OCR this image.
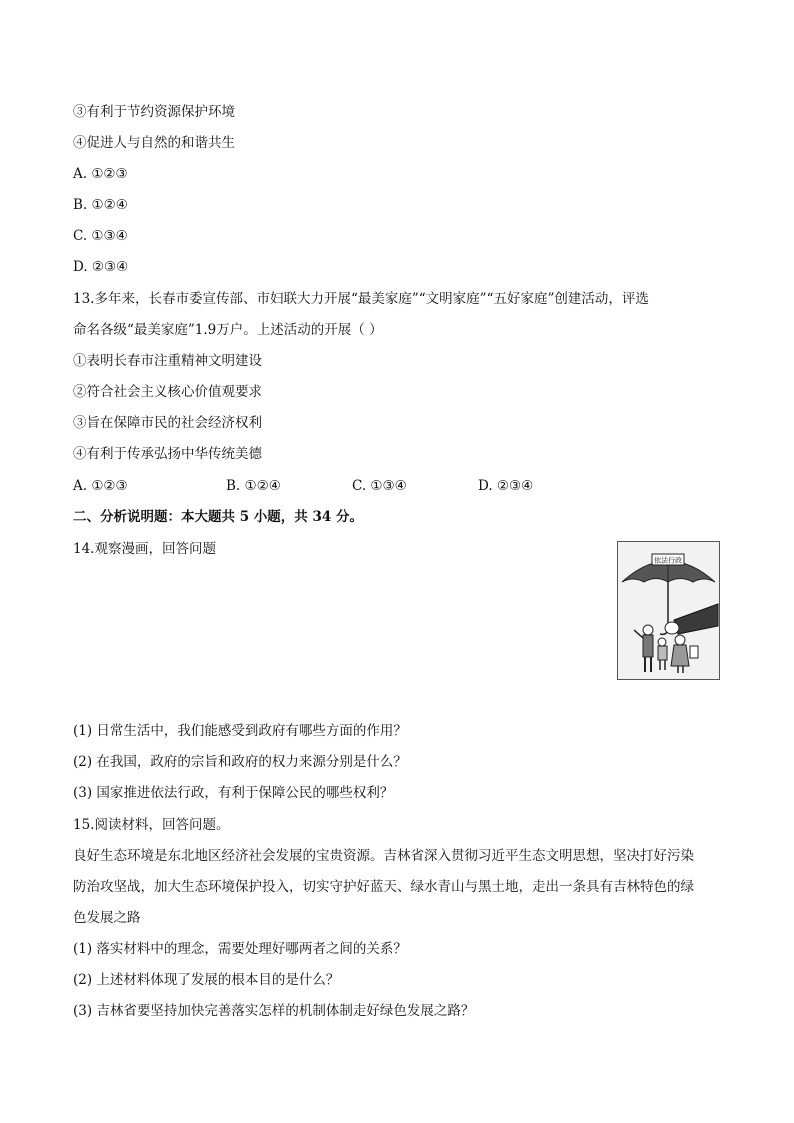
③有利于节约资源保护环境
④促进人与自然的和谐共生
A. ①②③
B. ①②④
C. ①③④
D. ②③④
13.多年来，长春市委宣传部、市妇联大力开展“最美家庭”“文明家庭”“五好家庭”创建活动，评选
命名各级“最美家庭”1.9万户。上述活动的开展（ ）
①表明长春市注重精神文明建设
②符合社会主义核心价值观要求
③旨在保障市民的社会经济权利
④有利于传承弘扬中华传统美德
A. ①②③	B. ①②④	C. ①③④	D. ②③④
二、分析说明题：本大题共 5 小题，共 34 分。
14.观察漫画，回答问题
依法行政
(1) 日常生活中，我们能感受到政府有哪些方面的作用？
(2) 在我国，政府的宗旨和政府的权力来源分别是什么？
(3) 国家推进依法行政，有利于保障公民的哪些权利？
15.阅读材料，回答问题。
良好生态环境是东北地区经济社会发展的宝贵资源。吉林省深入贯彻习近平生态文明思想，坚决打好污染
防治攻坚战，加大生态环境保护投入，切实守护好蓝天、绿水青山与黑土地，走出一条具有吉林特色的绿
色发展之路
(1) 落实材料中的理念，需要处理好哪两者之间的关系？
(2) 上述材料体现了发展的根本目的是什么？
(3) 吉林省要坚持加快完善落实怎样的机制体制走好绿色发展之路？
